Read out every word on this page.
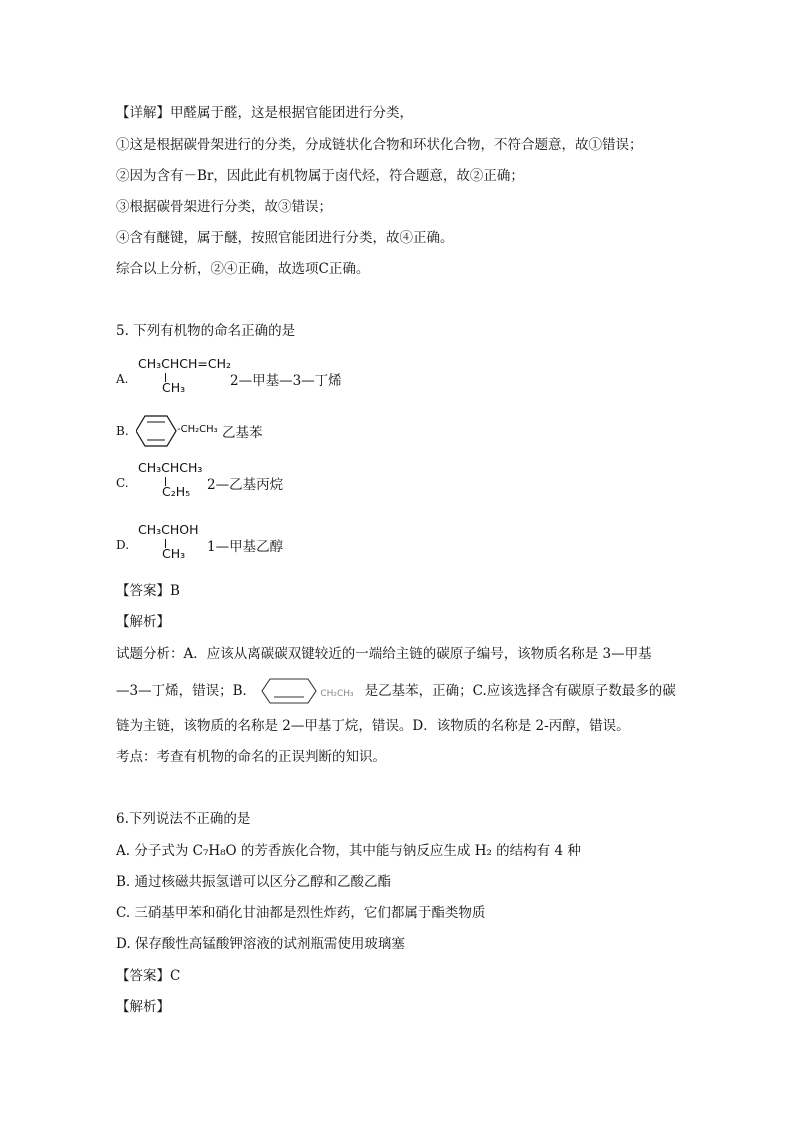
【详解】甲醛属于醛，这是根据官能团进行分类，
①这是根据碳骨架进行的分类，分成链状化合物和环状化合物，不符合题意，故①错误；
②因为含有－Br，因此此有机物属于卤代烃，符合题意，故②正确；
③根据碳骨架进行分类，故③错误；
④含有醚键，属于醚，按照官能团进行分类，故④正确。
综合以上分析，②④正确，故选项C正确。
5. 下列有机物的命名正确的是
A.
CH₃CHCH=CH₂
CH₃	2—甲基—3—丁烯
B.	-CH₂CH₃ 乙基苯
C.
CH₃CHCH₃
C₂H₅ 2—乙基丙烷
D.
CH₃CHOH
CH₃ 1—甲基乙醇
【答案】B
【解析】
试题分析：A．应该从离碳碳双键较近的一端给主链的碳原子编号，该物质名称是 3—甲基
—3—丁烯，错误；B．	CH₂CH₃ 是乙基苯，正确；C.应该选择含有碳原子数最多的碳
链为主链，该物质的名称是 2—甲基丁烷，错误。D．该物质的名称是 2-丙醇，错误。
考点：考查有机物的命名的正误判断的知识。
6.下列说法不正确的是
A. 分子式为 C₇H₈O 的芳香族化合物，其中能与钠反应生成 H₂ 的结构有 4 种
B. 通过核磁共振氢谱可以区分乙醇和乙酸乙酯
C. 三硝基甲苯和硝化甘油都是烈性炸药，它们都属于酯类物质
D. 保存酸性高锰酸钾溶液的试剂瓶需使用玻璃塞
【答案】C
【解析】
